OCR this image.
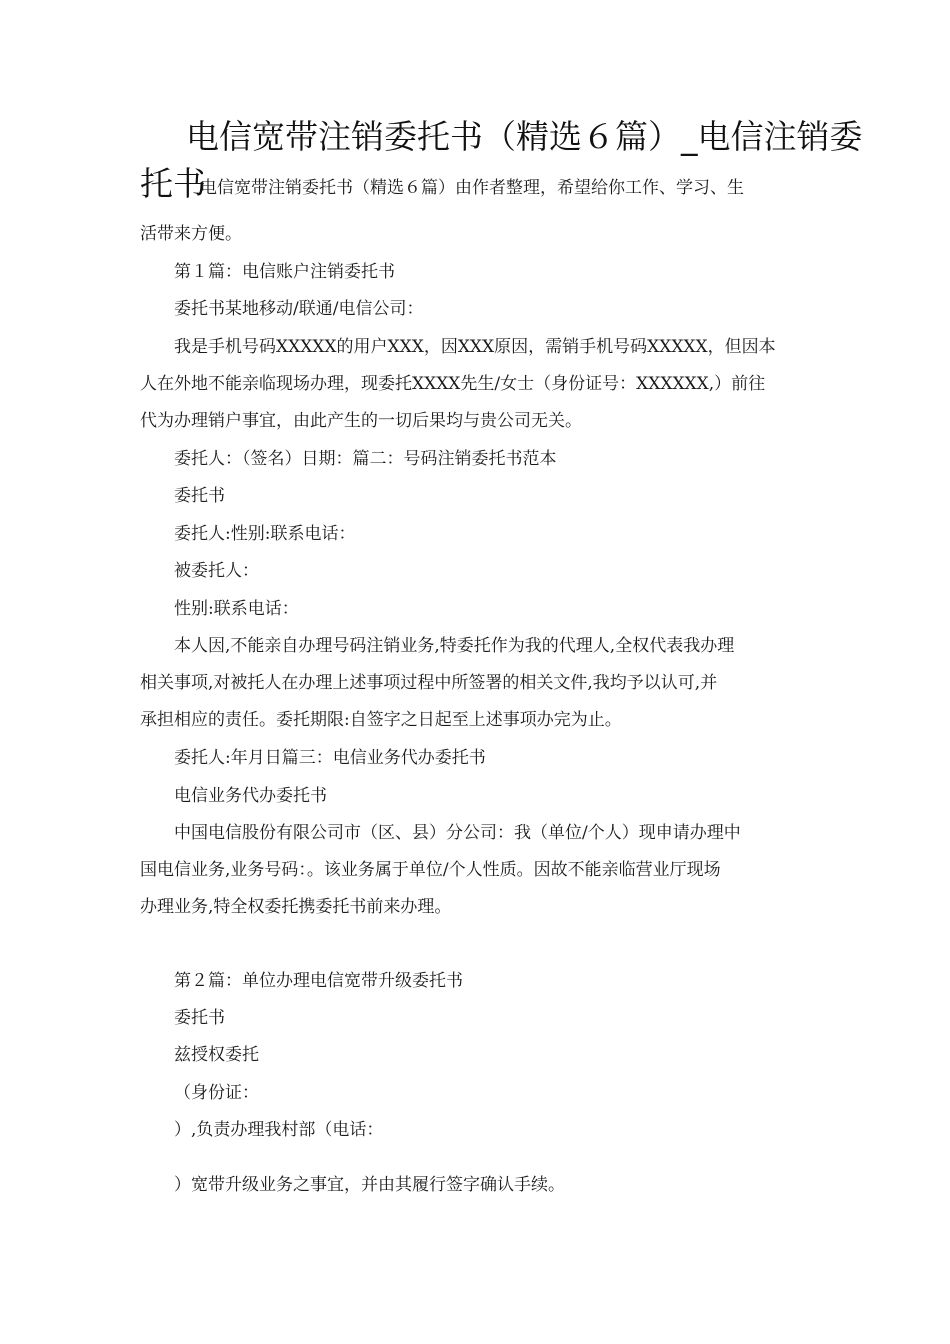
电信宽带注销委托书（精选６篇）_电信注销委
托书
电信宽带注销委托书（精选６篇）由作者整理，希望给你工作、学习、生
活带来方便。
第１篇：电信账户注销委托书
委托书某地移动/联通/电信公司：
我是手机号码XXXXX的用户XXX，因XXX原因，需销手机号码XXXXX，但因本
人在外地不能亲临现场办理，现委托XXXX先生/女士（身份证号：XXXXXX,）前往
代为办理销户事宜，由此产生的一切后果均与贵公司无关。
委托人：（签名）日期：篇二：号码注销委托书范本
委托书
委托人:性别:联系电话：
被委托人：
性别:联系电话：
本人因,不能亲自办理号码注销业务,特委托作为我的代理人,全权代表我办理
相关事项,对被托人在办理上述事项过程中所签署的相关文件,我均予以认可,并
承担相应的责任。委托期限:自签字之日起至上述事项办完为止。
委托人:年月日篇三：电信业务代办委托书
电信业务代办委托书
中国电信股份有限公司市（区、县）分公司：我（单位/个人）现申请办理中
国电信业务,业务号码：。该业务属于单位/个人性质。因故不能亲临营业厅现场
办理业务,特全权委托携委托书前来办理。
第２篇：单位办理电信宽带升级委托书
委托书
兹授权委托
（身份证：
）,负责办理我村部（电话：
）宽带升级业务之事宜，并由其履行签字确认手续。
